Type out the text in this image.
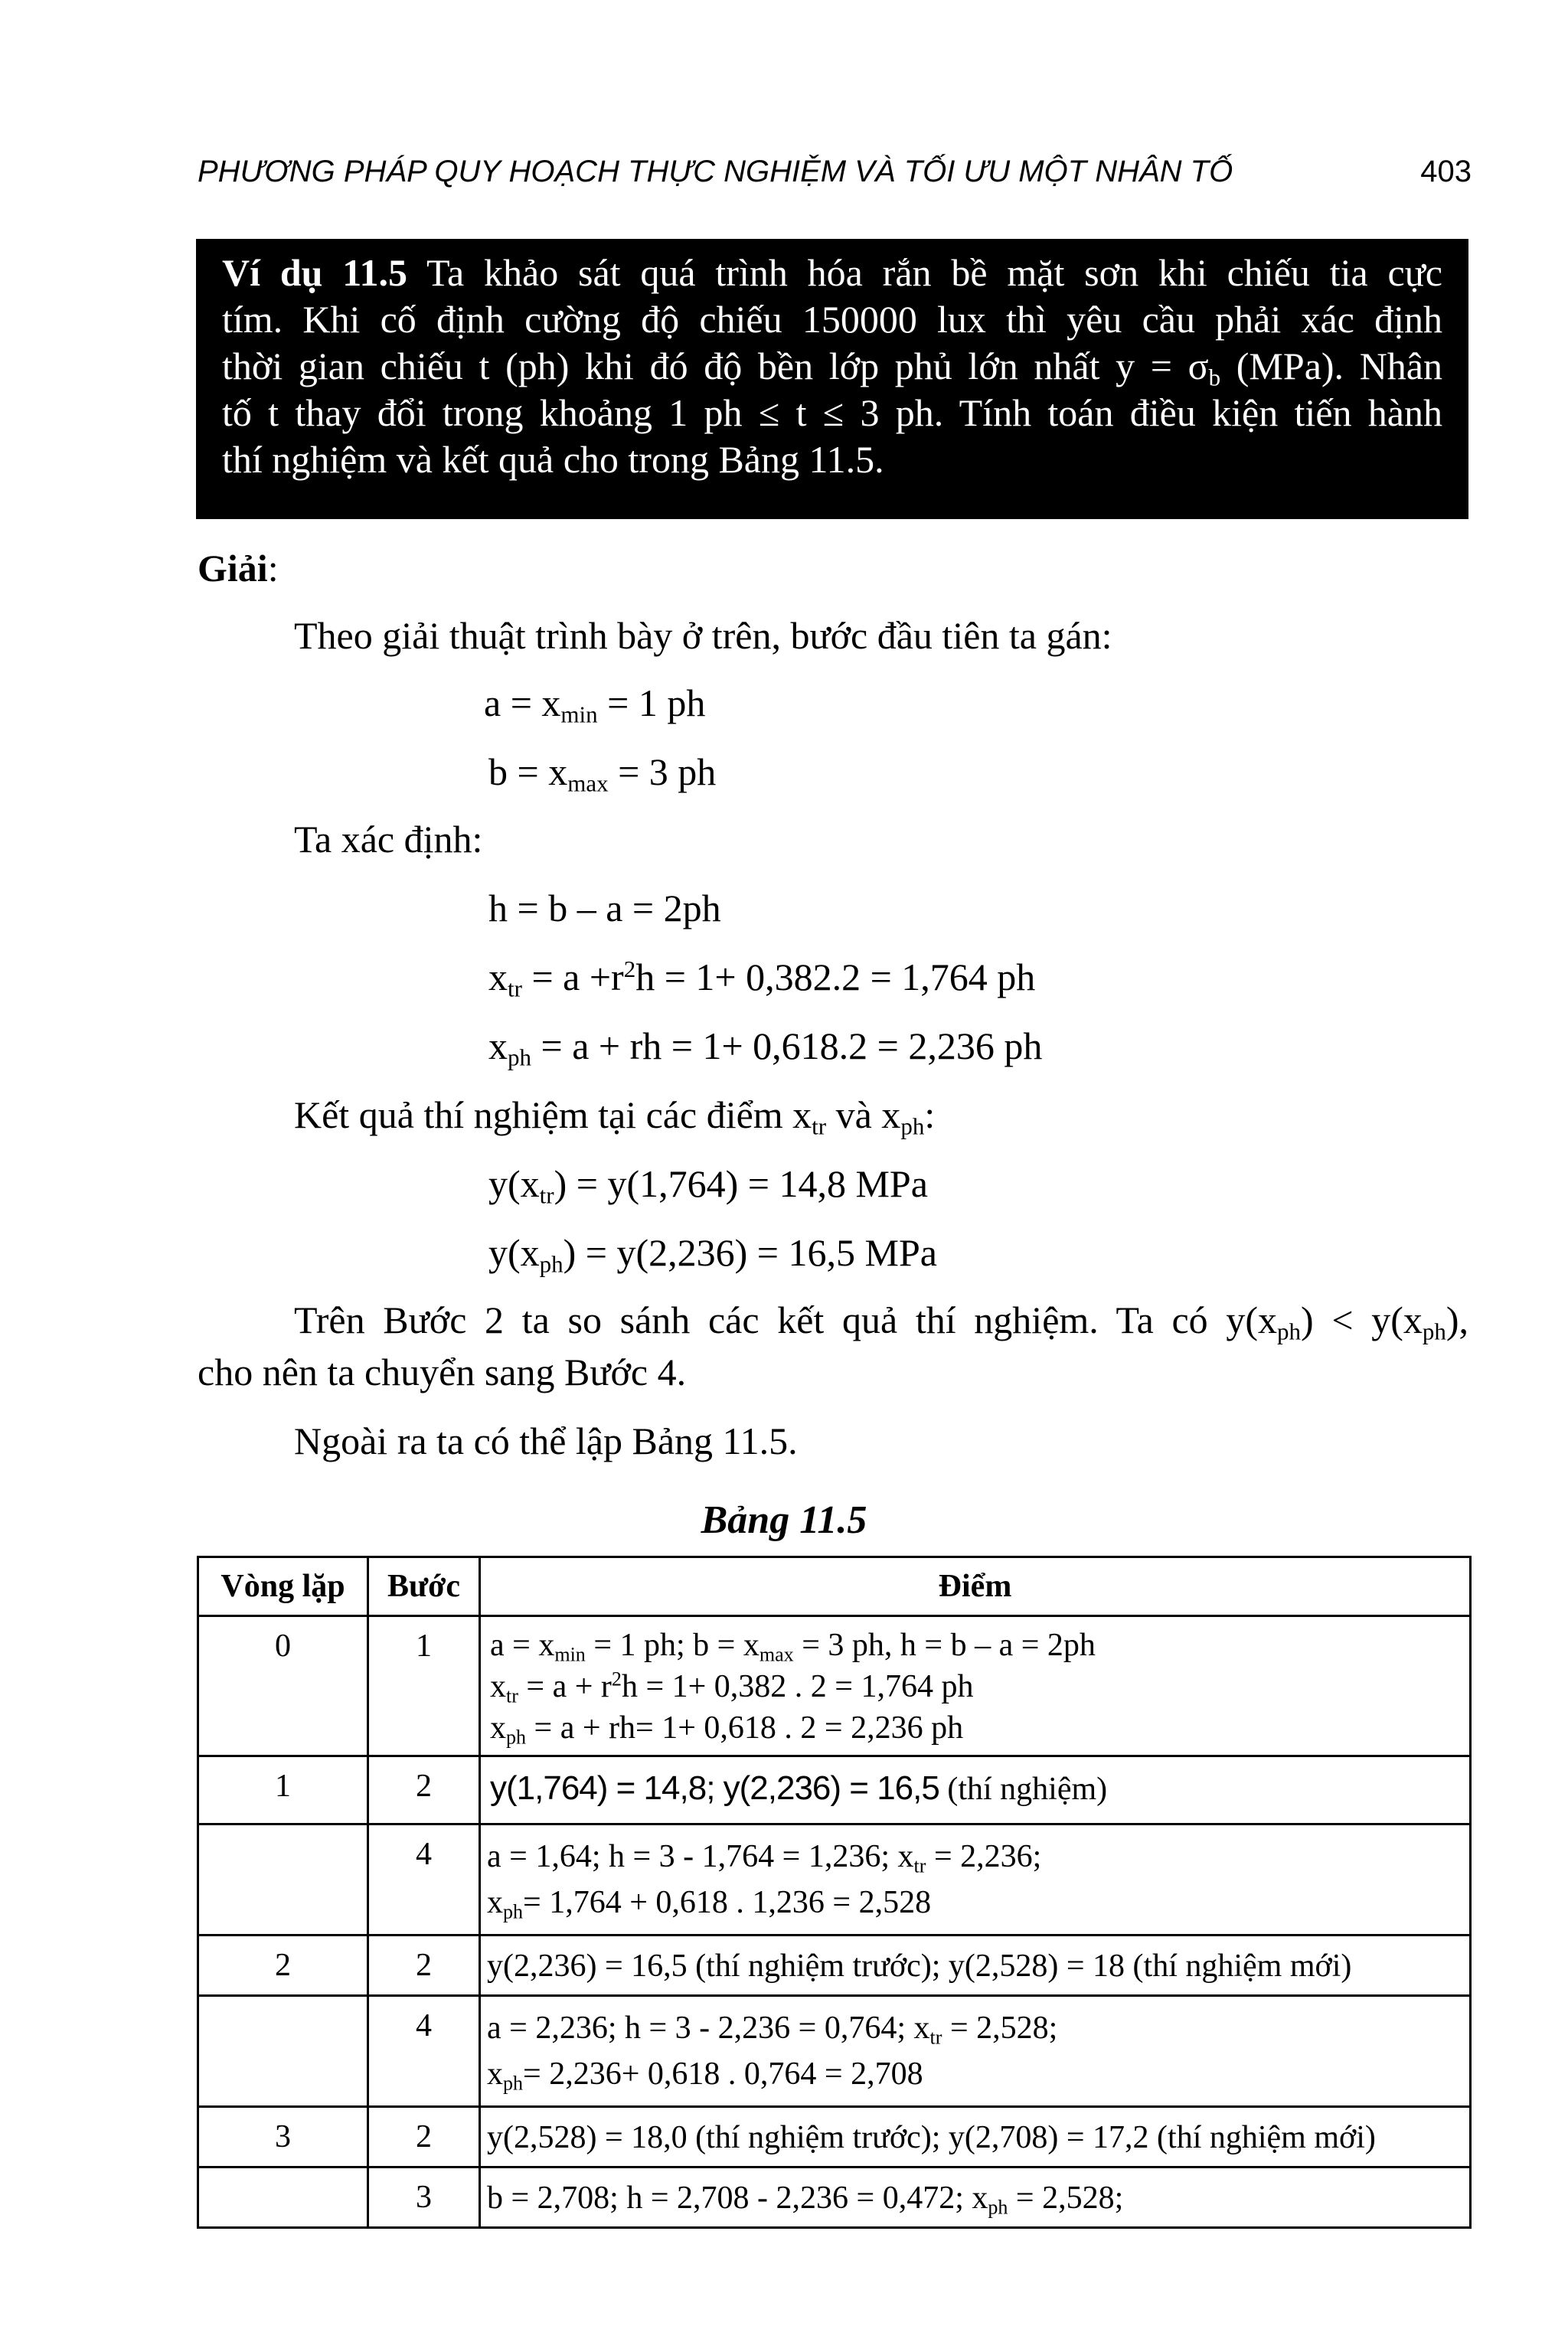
PHƯƠNG PHÁP QUY HOẠCH THỰC NGHIỆM VÀ TỐI ƯU MỘT NHÂN TỐ	403
Ví dụ 11.5 Ta khảo sát quá trình hóa rắn bề mặt sơn khi chiếu tia cực
tím. Khi cố định cường độ chiếu 150000 lux thì yêu cầu phải xác định
thời gian chiếu t (ph) khi đó độ bền lớp phủ lớn nhất $y = \sigma_b$ (MPa). Nhân
tố t thay đổi trong khoảng 1 ph ≤ t ≤ 3 ph. Tính toán điều kiện tiến hành
thí nghiệm và kết quả cho trong Bảng 11.5.
Giải:
Theo giải thuật trình bày ở trên, bước đầu tiên ta gán:
$a = x_{min} = 1$ ph
$b = x_{max} = 3$ ph
Ta xác định:
h = b – a = 2ph
$x_{tr} = a +r^2h = 1+ 0,382.2 = 1,764$ ph
$x_{ph} = a$ + rh = 1+ 0,618.2 = 2,236 ph
Kết quả thí nghiệm tại các điểm $x_{tr}$ và $x_{ph}$:
$y(x_{tr}) = y(1,764) = 14,8$ MPa
$y(x_{ph}) = y(2,236) = 16,5$ MPa
Trên Bước 2 ta so sánh các kết quả thí nghiệm. Ta có $y(x_{ph}) < y(x_{ph})$,
cho nên ta chuyển sang Bước 4.
Ngoài ra ta có thể lập Bảng 11.5.
Bảng 11.5
Vòng lặp	Bước	Điểm
0	1	$a = x_{min} = 1$ ph; $b = x_{max} = 3$ ph, h = b – a = 2ph
$x_{tr} = a + r^2h = 1+ 0,382$ . 2 = 1,764 ph
$x_{ph} = a + rh= 1+ 0,618$ . 2 = 2,236 ph

1	2	y(1,764) = 14,8; y(2,236) = 16,5 (thí nghiệm)

	4	a = 1,64; h = 3 - 1,764 = 1,236; $x_{tr} = 2,236$;
$x_{ph}= 1,764 + 0,618$ . 1,236 = 2,528

2	2	y(2,236) = 16,5 (thí nghiệm trước); y(2,528) = 18 (thí nghiệm mới)

	4	a = 2,236; h = 3 - 2,236 = 0,764; $x_{tr} = 2,528$;
$x_{ph}= 2,236+ 0,618$ . 0,764 = 2,708

3	2	y(2,528) = 18,0 (thí nghiệm trước); y(2,708) = 17,2 (thí nghiệm mới)

	3	b = 2,708; h = 2,708 - 2,236 = 0,472; $x_{ph} = 2,528$;
